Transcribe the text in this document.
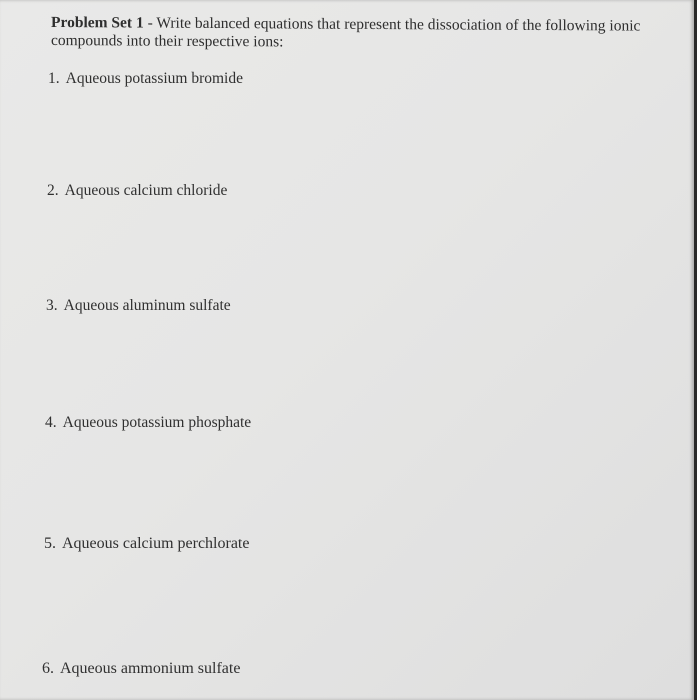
Problem Set 1 - Write balanced equations that represent the dissociation of the following ionic compounds into their respective ions:
1. Aqueous potassium bromide
2. Aqueous calcium chloride
3. Aqueous aluminum sulfate
4. Aqueous potassium phosphate
5. Aqueous calcium perchlorate
6. Aqueous ammonium sulfate
